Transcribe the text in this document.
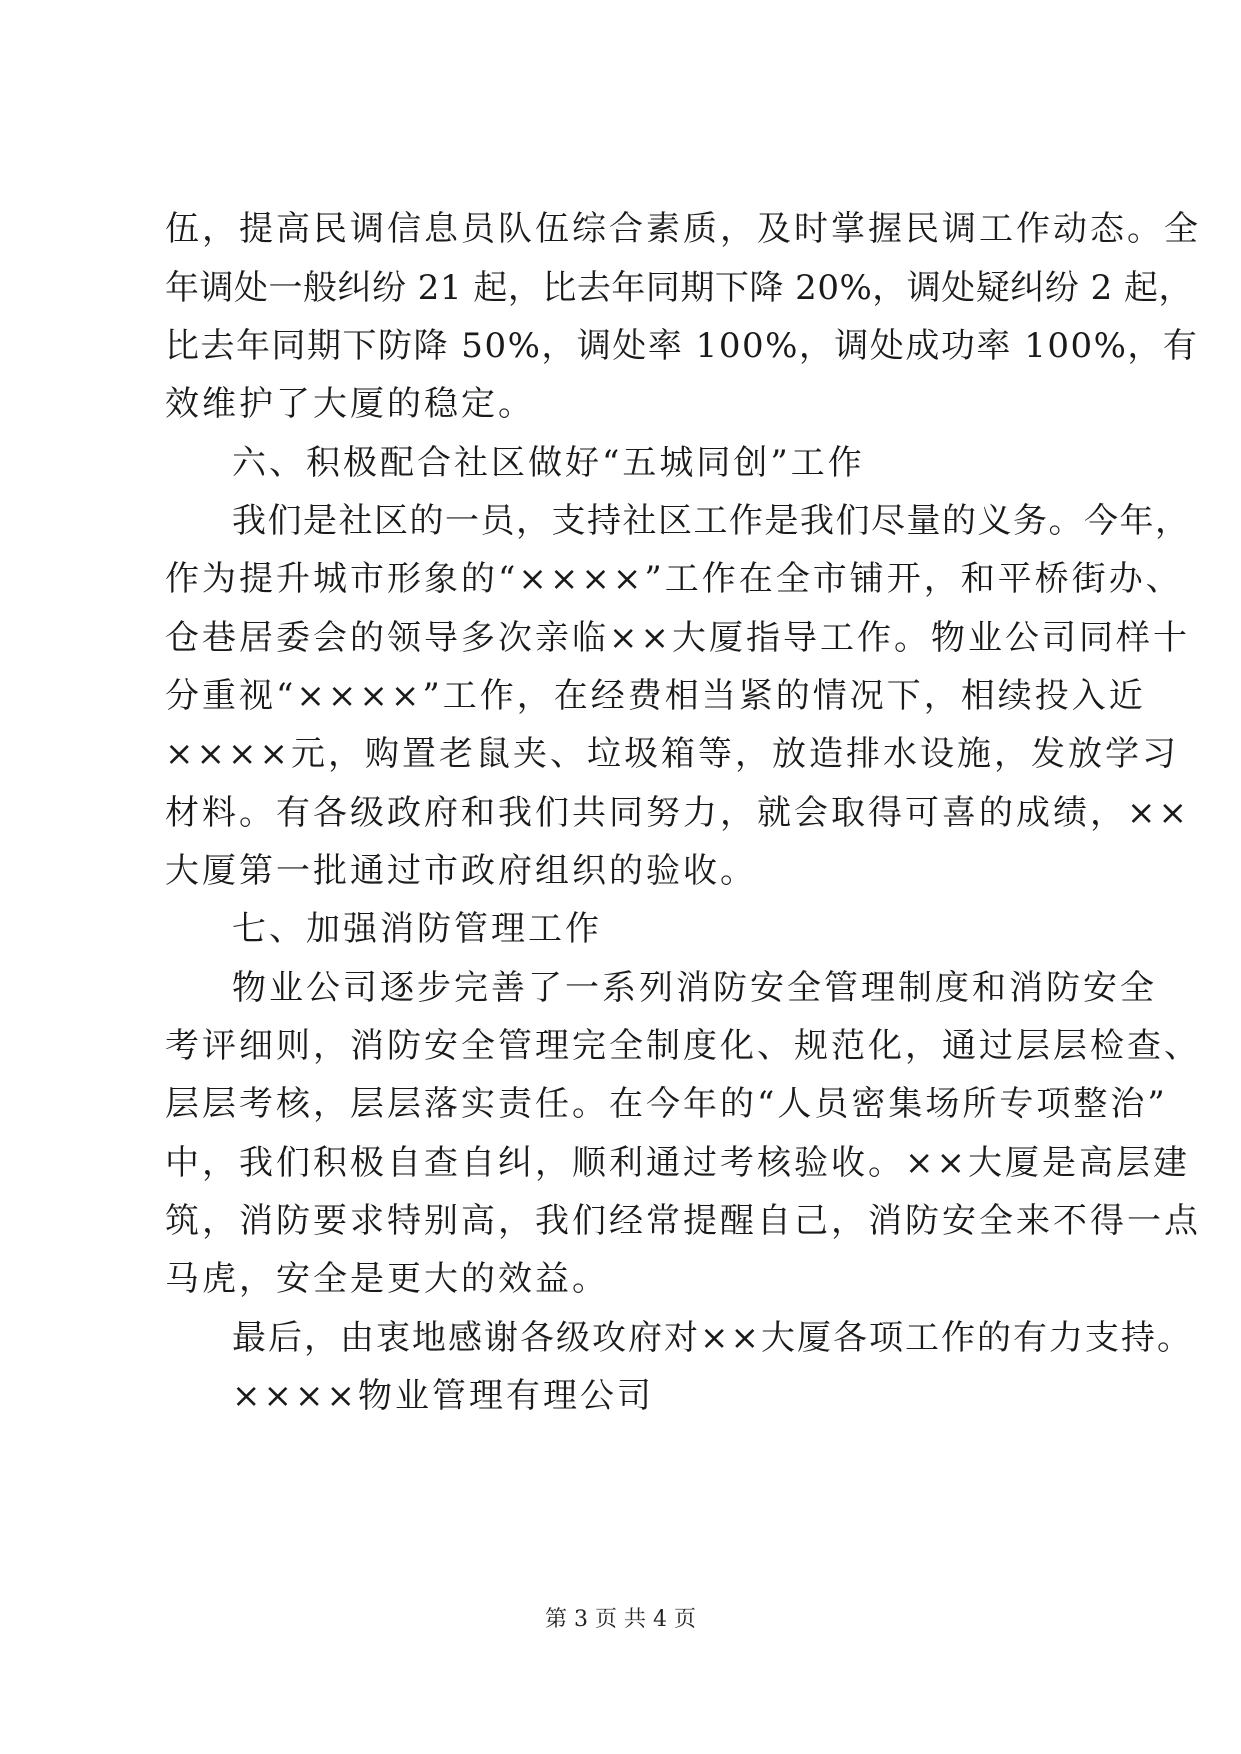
伍，提高民调信息员队伍综合素质，及时掌握民调工作动态。全
年调处一般纠纷 21 起，比去年同期下降 20%，调处疑纠纷 2 起，
比去年同期下防降 50%，调处率 100%，调处成功率 100%，有
效维护了大厦的稳定。
六、积极配合社区做好“五城同创”工作
我们是社区的一员，支持社区工作是我们尽量的义务。今年，
作为提升城市形象的“××××”工作在全市铺开，和平桥街办、
仓巷居委会的领导多次亲临××大厦指导工作。物业公司同样十
分重视“××××”工作，在经费相当紧的情况下，相续投入近
××××元，购置老鼠夹、垃圾箱等，放造排水设施，发放学习
材料。有各级政府和我们共同努力，就会取得可喜的成绩，××
大厦第一批通过市政府组织的验收。
七、加强消防管理工作
物业公司逐步完善了一系列消防安全管理制度和消防安全
考评细则，消防安全管理完全制度化、规范化，通过层层检查、
层层考核，层层落实责任。在今年的“人员密集场所专项整治”
中，我们积极自查自纠，顺利通过考核验收。××大厦是高层建
筑，消防要求特别高，我们经常提醒自己，消防安全来不得一点
马虎，安全是更大的效益。
最后，由衷地感谢各级攻府对××大厦各项工作的有力支持。
××××物业管理有理公司
第 3 页 共 4 页
